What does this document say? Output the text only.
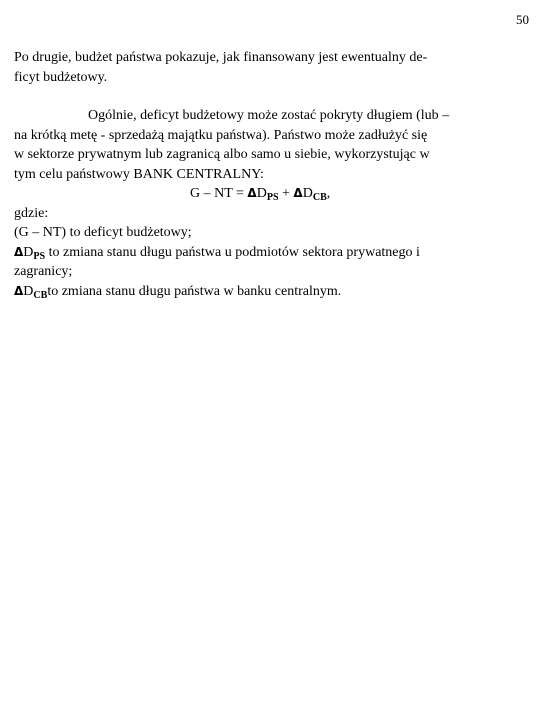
50
Po drugie, budżet państwa pokazuje, jak finansowany jest ewentualny de-
ficyt budżetowy.
Ogólnie, deficyt budżetowy może zostać pokryty długiem (lub –
na krótką metę - sprzedażą majątku państwa). Państwo może zadłużyć się
w sektorze prywatnym lub zagranicą albo samo u siebie, wykorzystując w
tym celu państwowy BANK CENTRALNY:
G – NT = $\Delta D_{PS} + \Delta D_{CB}$,
gdzie:
(G – NT) to deficyt budżetowy;
$\Delta D_{PS}$ to zmiana stanu długu państwa u podmiotów sektora prywatnego i
zagranicy;
$\Delta D_{CB}to$ zmiana stanu długu państwa w banku centralnym.
